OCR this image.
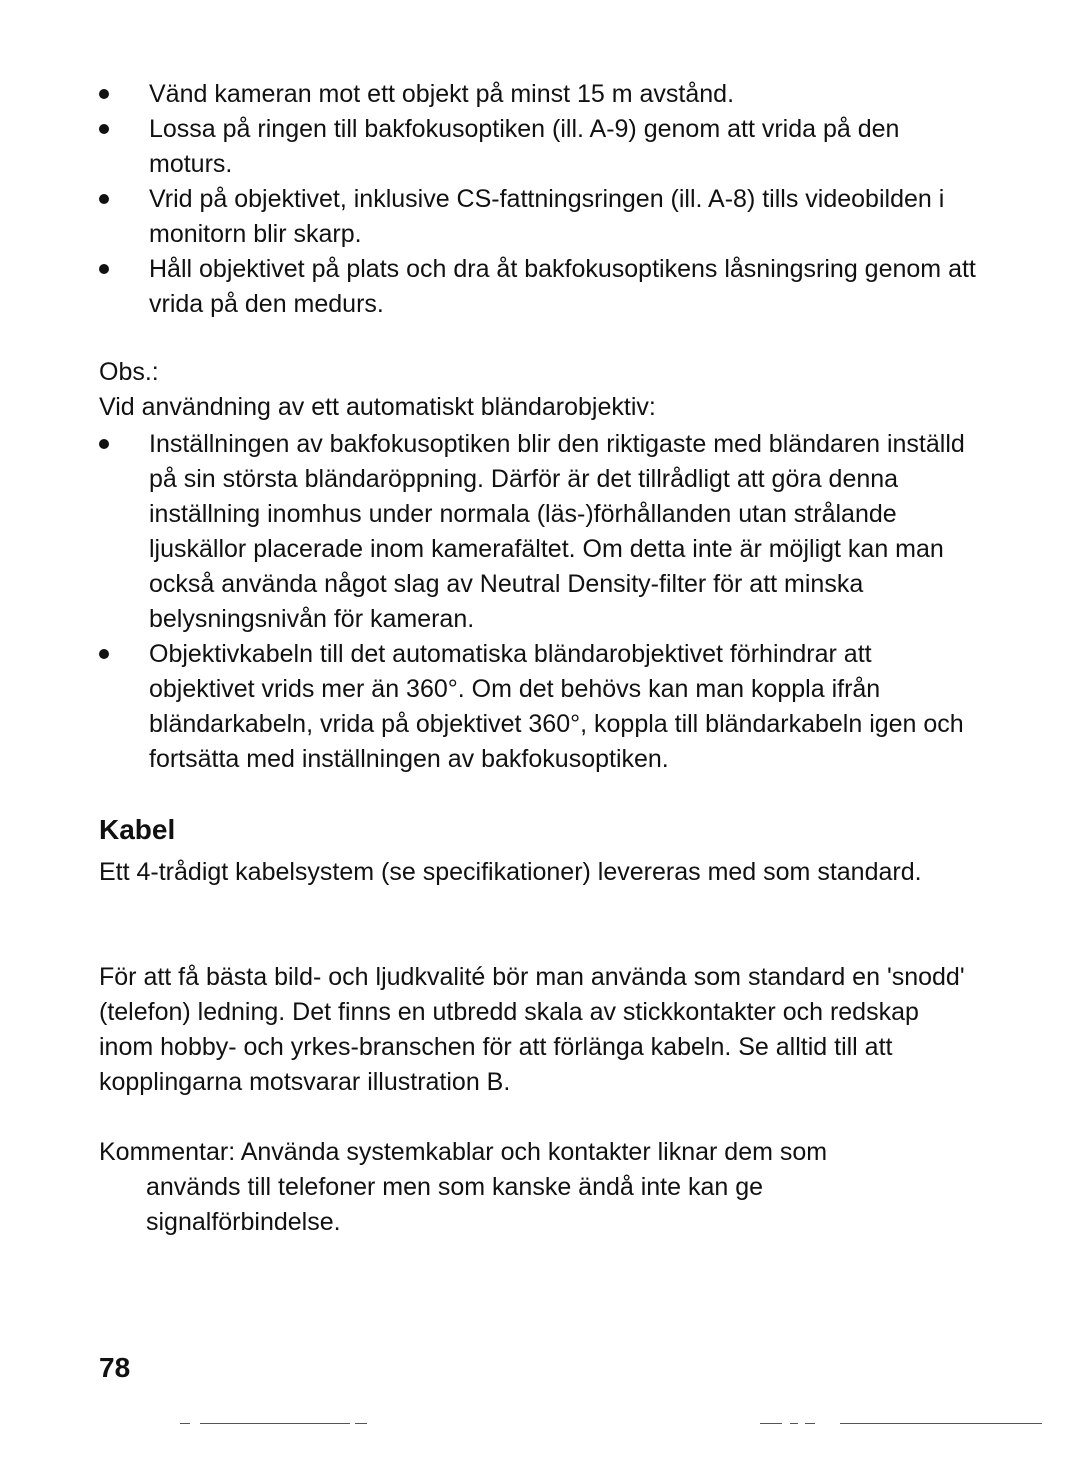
Vänd kameran mot ett objekt på minst 15 m avstånd.
Lossa på ringen till bakfokusoptiken (ill. A-9) genom att vrida på den moturs.
Vrid på objektivet, inklusive CS-fattningsringen (ill. A-8) tills videobilden i monitorn blir skarp.
Håll objektivet på plats och dra åt bakfokusoptikens låsningsring genom att vrida på den medurs.
Obs.:
Vid användning av ett automatiskt bländarobjektiv:
Inställningen av bakfokusoptiken blir den riktigaste med bländaren inställd på sin största bländaröppning. Därför är det tillrådligt att göra denna inställning inomhus under normala (läs-)förhållanden utan strålande ljuskällor placerade inom kamerafältet. Om detta inte är möjligt kan man också använda något slag av Neutral Density-filter för att minska belysningsnivån för kameran.
Objektivkabeln till det automatiska bländarobjektivet förhindrar att objektivet vrids mer än 360°. Om det behövs kan man koppla ifrån bländarkabeln, vrida på objektivet 360°, koppla till bländarkabeln igen och fortsätta med inställningen av bakfokusoptiken.
Kabel
Ett 4-trådigt kabelsystem (se specifikationer) levereras med som standard.
För att få bästa bild- och ljudkvalité bör man använda som standard en 'snodd' (telefon) ledning. Det finns en utbredd skala av stickkontakter och redskap inom hobby- och yrkes-branschen för att förlänga kabeln. Se alltid till att kopplingarna motsvarar illustration B.
Kommentar: Använda systemkablar och kontakter liknar dem som
används till telefoner men som kanske ändå inte kan ge
signalförbindelse.
78
